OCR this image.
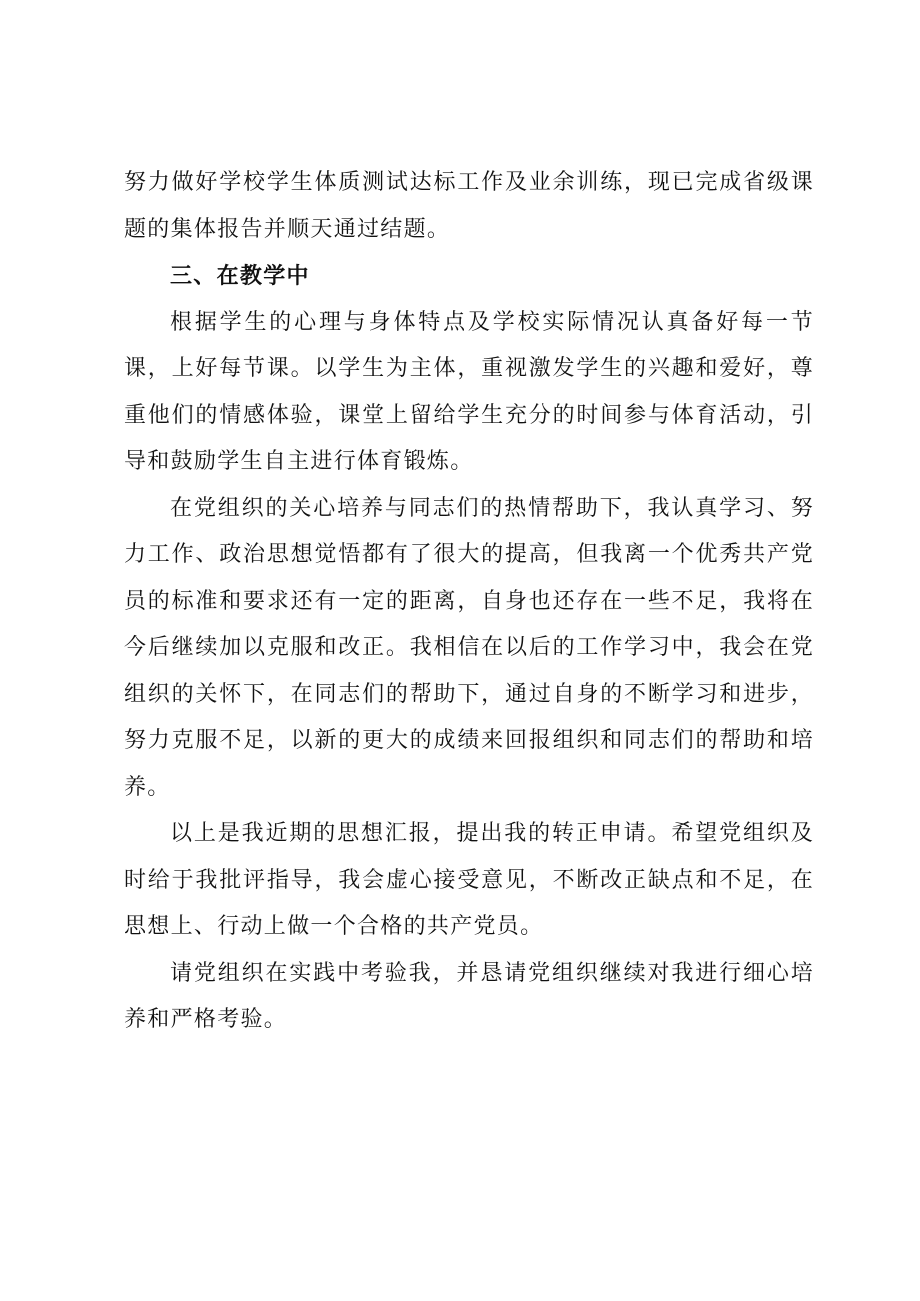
努力做好学校学生体质测试达标工作及业余训练，现已完成省级课题的集体报告并顺天通过结题。

三、在教学中

根据学生的心理与身体特点及学校实际情况认真备好每一节课，上好每节课。以学生为主体，重视激发学生的兴趣和爱好，尊重他们的情感体验，课堂上留给学生充分的时间参与体育活动，引导和鼓励学生自主进行体育锻炼。

在党组织的关心培养与同志们的热情帮助下，我认真学习、努力工作、政治思想觉悟都有了很大的提高，但我离一个优秀共产党员的标准和要求还有一定的距离，自身也还存在一些不足，我将在今后继续加以克服和改正。我相信在以后的工作学习中，我会在党组织的关怀下，在同志们的帮助下，通过自身的不断学习和进步，努力克服不足，以新的更大的成绩来回报组织和同志们的帮助和培养。

以上是我近期的思想汇报，提出我的转正申请。希望党组织及时给于我批评指导，我会虚心接受意见，不断改正缺点和不足，在思想上、行动上做一个合格的共产党员。

请党组织在实践中考验我，并恳请党组织继续对我进行细心培养和严格考验。
